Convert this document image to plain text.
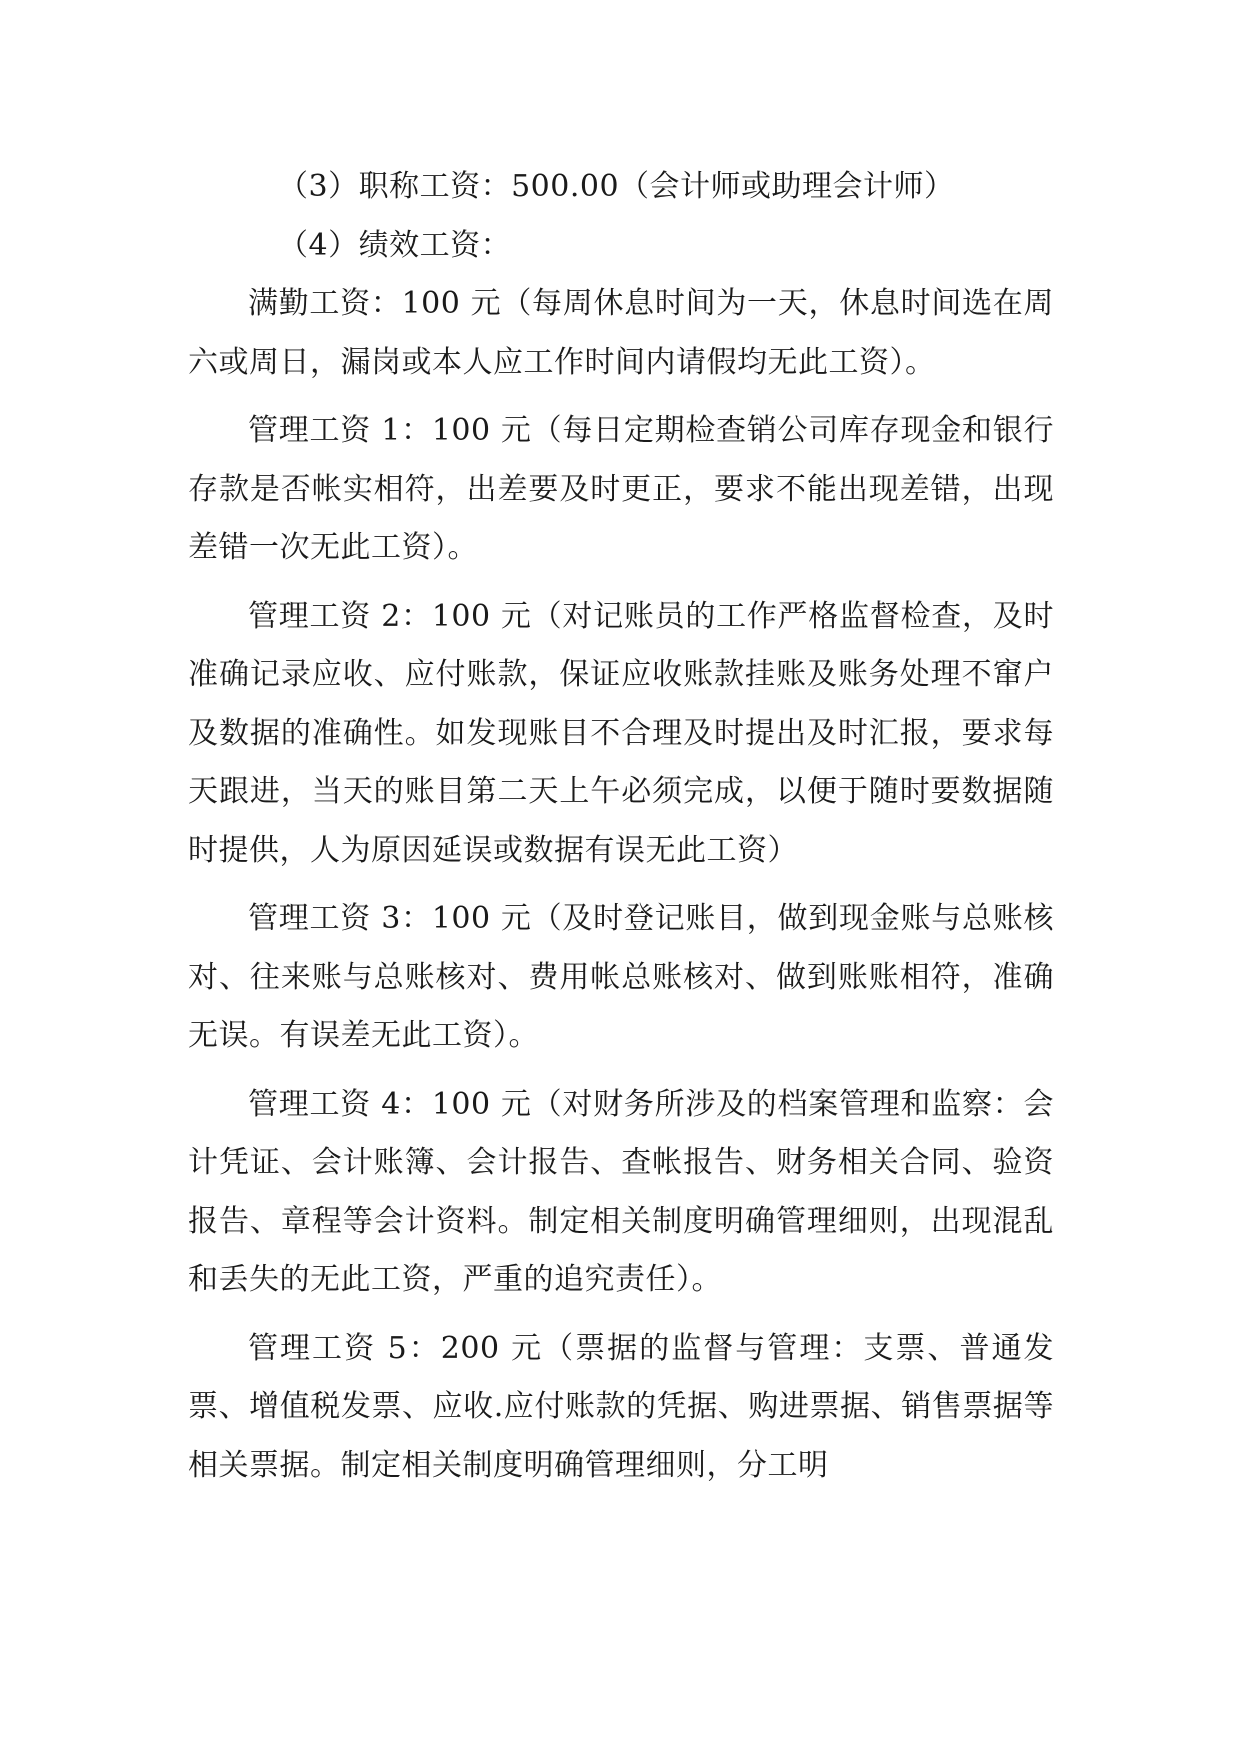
（3）职称工资：500.00（会计师或助理会计师）

（4）绩效工资：

满勤工资：100 元（每周休息时间为一天，休息时间选在周六或周日，漏岗或本人应工作时间内请假均无此工资）。

管理工资 1：100 元（每日定期检查销公司库存现金和银行存款是否帐实相符，出差要及时更正，要求不能出现差错，出现差错一次无此工资）。

管理工资 2：100 元（对记账员的工作严格监督检查，及时准确记录应收、应付账款，保证应收账款挂账及账务处理不窜户及数据的准确性。如发现账目不合理及时提出及时汇报，要求每天跟进，当天的账目第二天上午必须完成，以便于随时要数据随时提供，人为原因延误或数据有误无此工资）

管理工资 3：100 元（及时登记账目，做到现金账与总账核对、往来账与总账核对、费用帐总账核对、做到账账相符，准确无误。有误差无此工资）。

管理工资 4：100 元（对财务所涉及的档案管理和监察：会计凭证、会计账簿、会计报告、查帐报告、财务相关合同、验资报告、章程等会计资料。制定相关制度明确管理细则，出现混乱和丢失的无此工资，严重的追究责任）。

管理工资 5：200 元（票据的监督与管理：支票、普通发票、增值税发票、应收.应付账款的凭据、购进票据、销售票据等相关票据。制定相关制度明确管理细则，分工明
